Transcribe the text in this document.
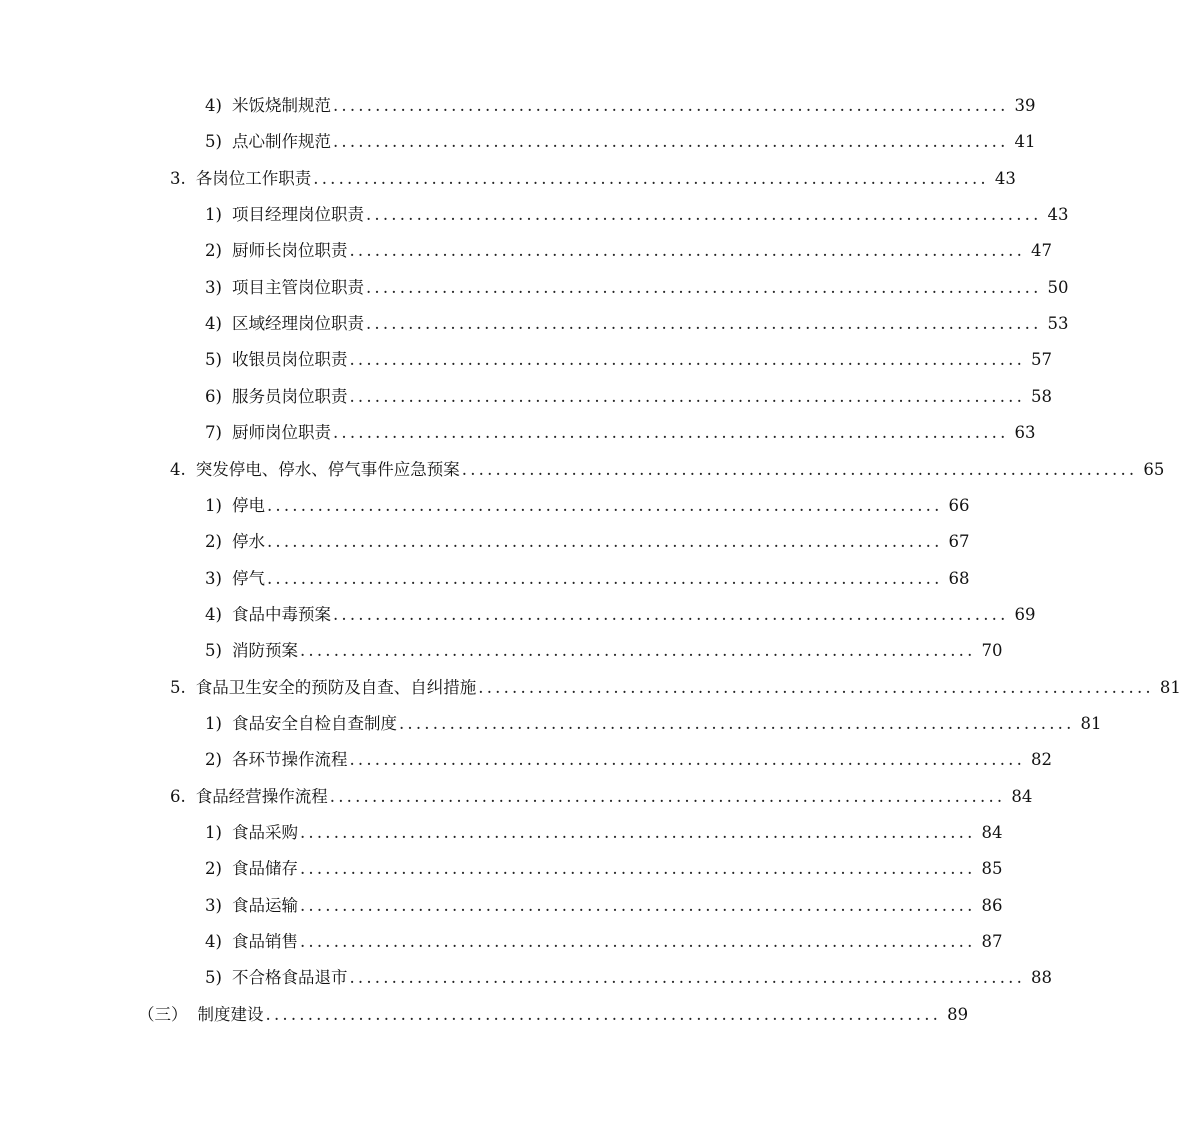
4) 米饭烧制规范 ................................................................................ 39
5) 点心制作规范 ................................................................................ 41
3. 各岗位工作职责 ................................................................................ 43
1) 项目经理岗位职责 ................................................................................ 43
2) 厨师长岗位职责 ................................................................................ 47
3) 项目主管岗位职责 ................................................................................ 50
4) 区域经理岗位职责 ................................................................................ 53
5) 收银员岗位职责 ................................................................................ 57
6) 服务员岗位职责 ................................................................................ 58
7) 厨师岗位职责 ................................................................................ 63
4. 突发停电、停水、停气事件应急预案 ................................................................................ 65
1) 停电 ................................................................................ 66
2) 停水 ................................................................................ 67
3) 停气 ................................................................................ 68
4) 食品中毒预案 ................................................................................ 69
5) 消防预案 ................................................................................ 70
5. 食品卫生安全的预防及自查、自纠措施 ................................................................................ 81
1) 食品安全自检自查制度 ................................................................................ 81
2) 各环节操作流程 ................................................................................ 82
6. 食品经营操作流程 ................................................................................ 84
1) 食品采购 ................................................................................ 84
2) 食品储存 ................................................................................ 85
3) 食品运输 ................................................................................ 86
4) 食品销售 ................................................................................ 87
5) 不合格食品退市 ................................................................................ 88
（三） 制度建设 ................................................................................ 89
